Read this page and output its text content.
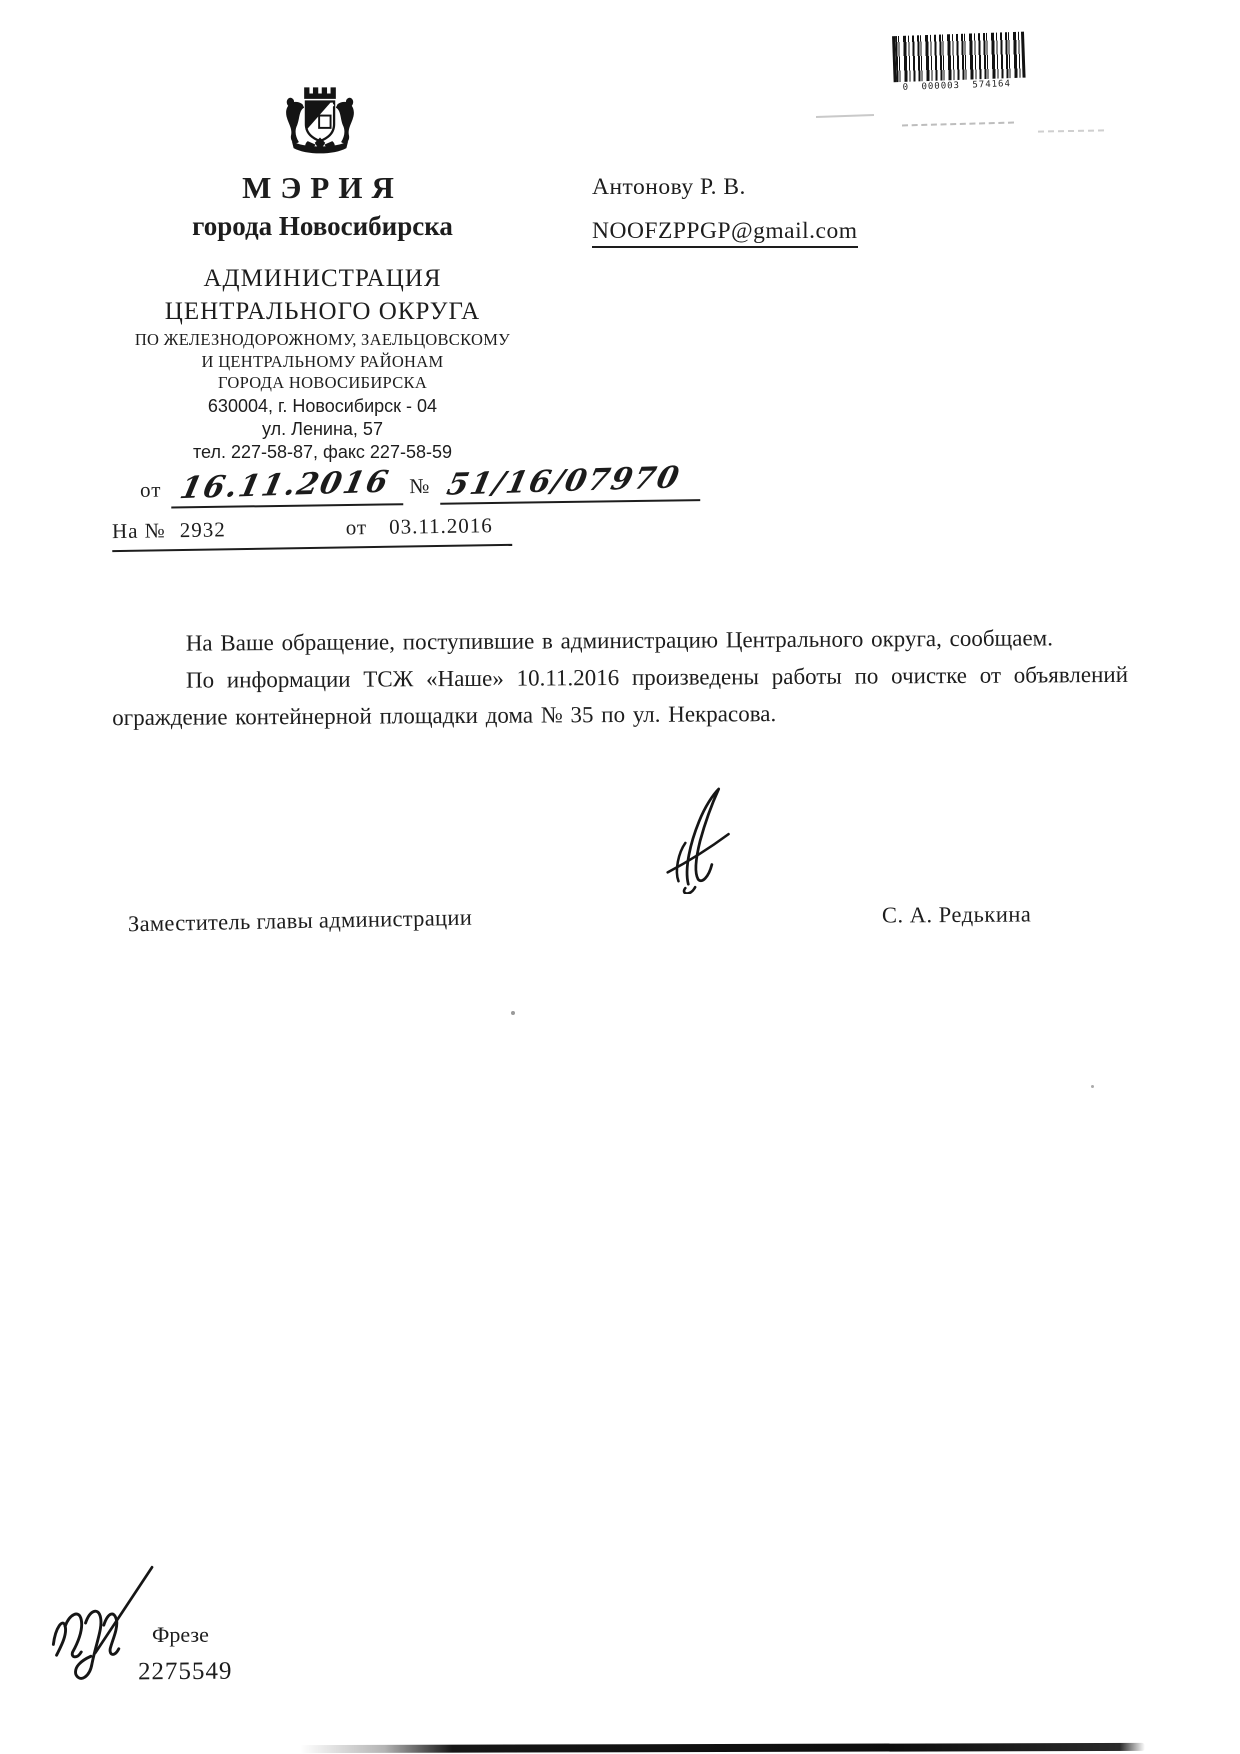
0 000003 574164

МЭРИЯ

города Новосибирска

АДМИНИСТРАЦИЯ

ЦЕНТРАЛЬНОГО ОКРУГА

ПО ЖЕЛЕЗНОДОРОЖНОМУ, ЗАЕЛЬЦОВСКОМУ

И ЦЕНТРАЛЬНОМУ РАЙОНАМ

ГОРОДА НОВОСИБИРСКА

630004, г. Новосибирск - 04

ул. Ленина, 57

тел. 227-58-87, факс 227-58-59

от 16.11.2016 № 51/16/07970
На № 2932	от 03.11.2016

Антонову Р. В.

NOOFZPPGP@gmail.com

На Ваше обращение, поступившие в администрацию Центрального округа, сообщаем.

По информации ТСЖ «Наше» 10.11.2016 произведены работы по очистке от объявлений ограждение контейнерной площадки дома № 35 по ул. Некрасова.

Заместитель главы администрации	С. А. Редькина
Фрезе
2275549
